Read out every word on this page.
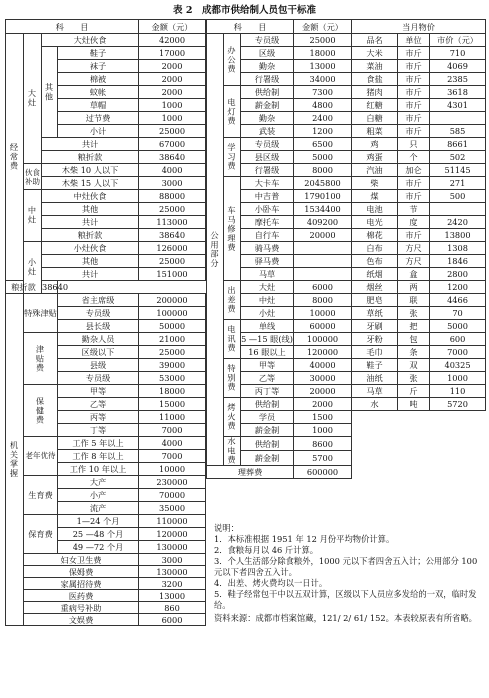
表 2　成都市供给制人员包干标准
科　　目				金额（元）
经常费	大灶	大灶伙食		42000
		其他	鞋子	17000
			袜子	2000
			棉被	2000
			蚊帐	2000
			草帽	1000
			过节费	1000
			小计	25000
		共计		67000
		粮折款		38640
	伙食补助	木柴 10 人以下		4000
		木柴 15 人以下		3000
	中灶	中灶伙食		88000
		其他		25000
		共计		113000
		粮折款		38640
	小灶	小灶伙食		126000
		其他		25000
		共计		151000
粮折款		38640		
机关掌握	特殊津贴		省主席级	200000
			专员级	100000
			县长级	50000
	津贴费		勤杂人员	21000
			区级以下	25000
			县级	39000
			专员级	53000
	保健费		甲等	18000
			乙等	15000
			丙等	11000
			丁等	7000
	老年优待		工作 5 年以上	4000
			工作 8 年以上	7000
			工作 10 年以上	10000
	生育费		大产	230000
			小产	70000
			流产	35000
	保育费		1—24 个月	110000
			25 —48 个月	120000
			49 —72 个月	130000
	妇女卫生费			3000
	保姆费			130000
	家属招待费			3200
	医药费			13000
	重病号补助			860
	文娱费			6000
科　　目			金额（元）	当月物价		
公用部分	办公费	专员级	25000	品名	单位	市价（元）
		区级	18000	大米	市斤	710
		勤杂	13000	菜油	市斤	4069
		行署级	34000	食盐	市斤	2385
	电灯费	供给制	7300	猪肉	市斤	3618
		薪金制	4800	红糖	市斤	4301
		勤杂	2400	白糖	市斤	
		武装	1200	粗菜	市斤	585
	学习费	专员级	6500	鸡	只	8661
		县区级	5000	鸡蛋	个	502
		行署级	8000	汽油	加仑	51145
	车马修理费	大卡车	2045800	柴	市斤	271
		中吉普	1790100	煤	市斤	500
		小卧车	1534400	电池	节	
		摩托车	409200	电光	度	2420
		自行车	20000	棉花	市斤	13800
		骑马费		白布	方尺	1308
		驿马费		色布	方尺	1846
		马草		纸烟	盒	2800
	出差费	大灶	6000	烟丝	两	1200
		中灶	8000	肥皂	联	4466
		小灶	10000	草纸	张	70
	电讯费	单线	60000	牙刷	把	5000
		5 —15 眼(线)	100000	牙粉	包	600
		16 眼以上	120000	毛巾	条	7000
	特别费	甲等	40000	鞋子	双	40325
		乙等	30000	油纸	张	1000
		丙丁等	20000	马草	斤	110
	烤火费	供给制	2000	水	吨	5720
		学员	1500			
		薪金制	1000			
	水电费	供给制	8600			
		薪金制	5700			
理葬费			600000			
说明：
1．本标准根据 1951 年 12 月份平均物价计算。
2．食粮每月以 46 斤计算。
3．个人生活部分除食粮外，1000 元以下者四舍五入计；公用部分 100 元以下者四舍五入计。
4．出差、烤火费均以一日计。
5．鞋子经常包干中以五双计算，区级以下人员应多发给的一双，临时发给。
资料来源：成都市档案馆藏，121/ 2/ 61/ 152。本表较原表有所省略。
